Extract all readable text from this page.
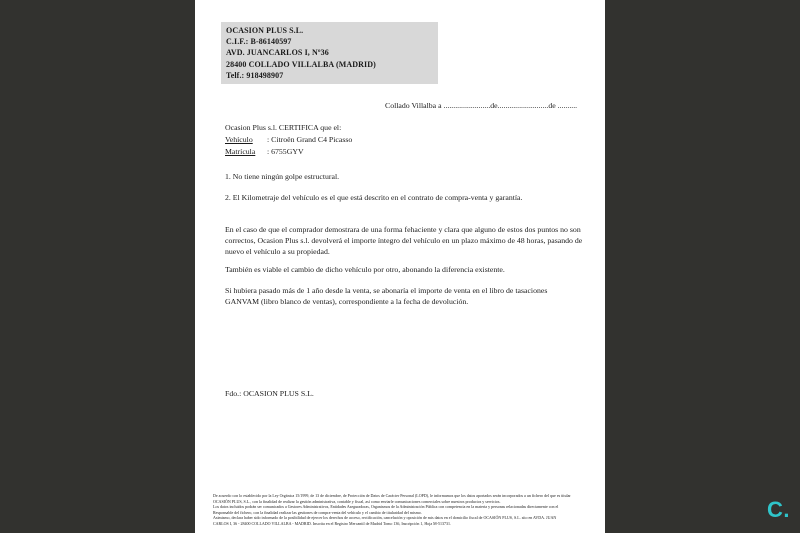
OCASION PLUS S.L.
C.I.F.: B-86140597
AVD. JUANCARLOS I, Nº36
28400 COLLADO VILLALBA (MADRID)
Telf.: 918498907
Collado Villalba a ........................de..........................de ..........
Ocasion Plus s.l. CERTIFICA que el:
Vehículo : Citroën Grand C4 Picasso
Matrícula : 6755GYV
1. No tiene ningún golpe estructural.
2. El Kilometraje del vehículo es el que está descrito en el contrato de compra-venta y garantía.
En el caso de que el comprador demostrara de una forma fehaciente y clara que alguno de estos dos puntos no son correctos, Ocasion Plus s.l. devolverá el importe íntegro del vehículo en un plazo máximo de 48 horas, pasando de nuevo el vehículo a su propiedad.
También es viable el cambio de dicho vehículo por otro, abonando la diferencia existente.
Si hubiera pasado más de 1 año desde la venta, se abonaría el importe de venta en el libro de tasaciones GANVAM (libro blanco de ventas), correspondiente a la fecha de devolución.
Fdo.: OCASION PLUS S.L.
De acuerdo con lo establecido por la Ley Orgánica 15/1999, de 13 de diciembre, de Protección de Datos de Carácter Personal (LOPD), le informamos que los datos aportados serán incorporados a un fichero del que es titular
OCASIÓN PLUS, S.L., con la finalidad de realizar la gestión administrativa, contable y fiscal, así como enviarle comunicaciones comerciales sobre nuestros productos y servicios.
Los datos incluidos podrán ser comunicados a Gestores Administrativos, Entidades Aseguradoras, Organismos de la Administración Pública con competencia en la materia y personas relacionadas directamente con el
Responsable del fichero, con la finalidad realizar las gestiones de compra-venta del vehículo y el cambio de titularidad del mismo.
Asimismo, declara haber sido informado de la posibilidad de ejercer los derechos de acceso, rectificación, cancelación y oposición de mis datos en el domicilio fiscal de OCASIÓN PLUS, S.L. sito en AVDA. JUAN
CARLOS I, 36 - 28400 COLLADO VILLALBA - MADRID. Inscrita en el Registro Mercantil de Madrid Tomo 136, Inscripción 1, Hoja M-513731.
C.
